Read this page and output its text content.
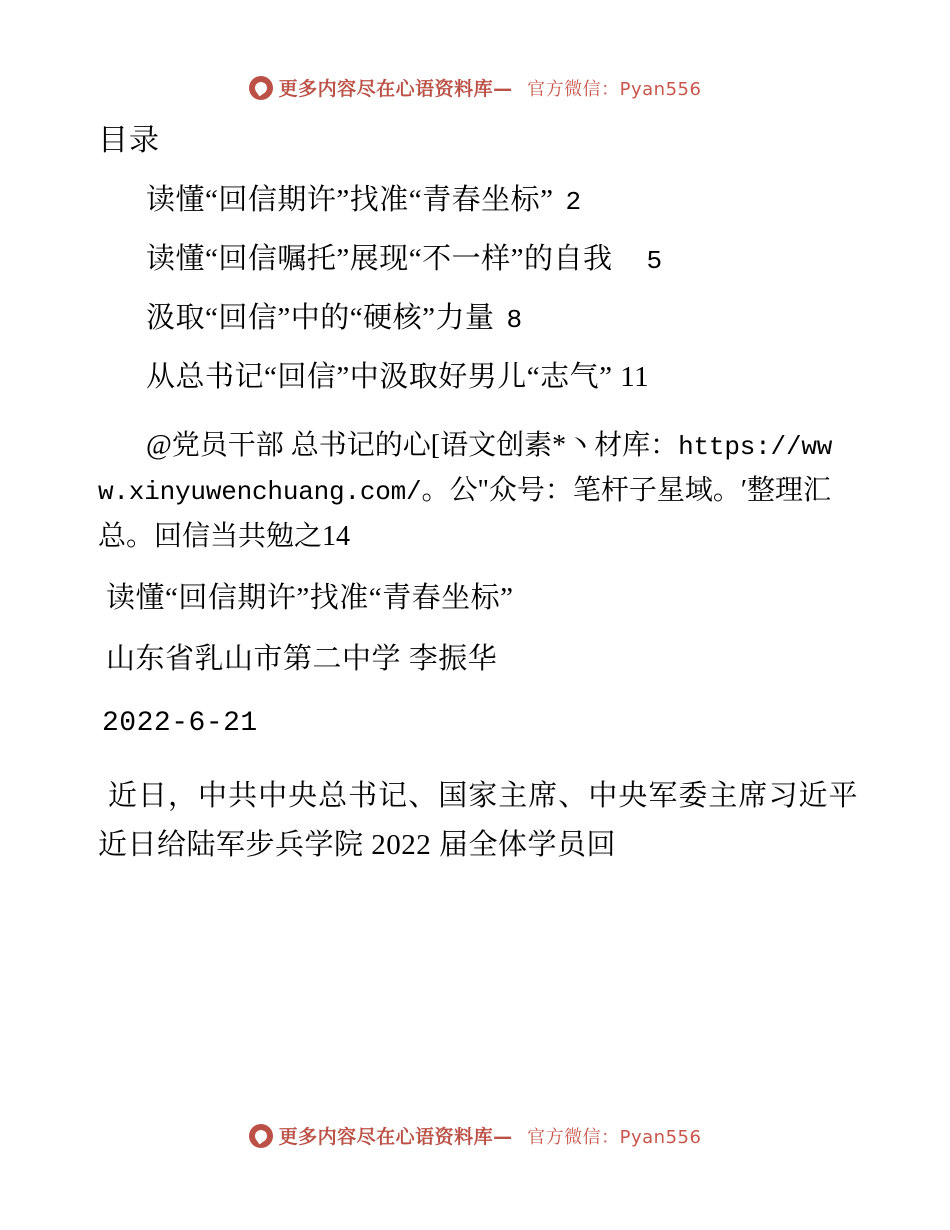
更多内容尽在心语资料库— 官方微信：Pyan556
目录
读懂“回信期许”找准“青春坐标” 2
读懂“回信嘱托”展现“不一样”的自我 5
汲取“回信”中的“硬核”力量 8
从总书记“回信”中汲取好男儿“志气” 11
@党员干部 总书记的心[语文创素*丶材库：https://www.xinyuwenchuang.com/。公"众号：笔杆子星域。′整理汇总。回信当共勉之14
读懂“回信期许”找准“青春坐标”
山东省乳山市第二中学 李振华
2022-6-21
近日，中共中央总书记、国家主席、中央军委主席习近平近日给陆军步兵学院 2022 届全体学员回
更多内容尽在心语资料库— 官方微信：Pyan556
